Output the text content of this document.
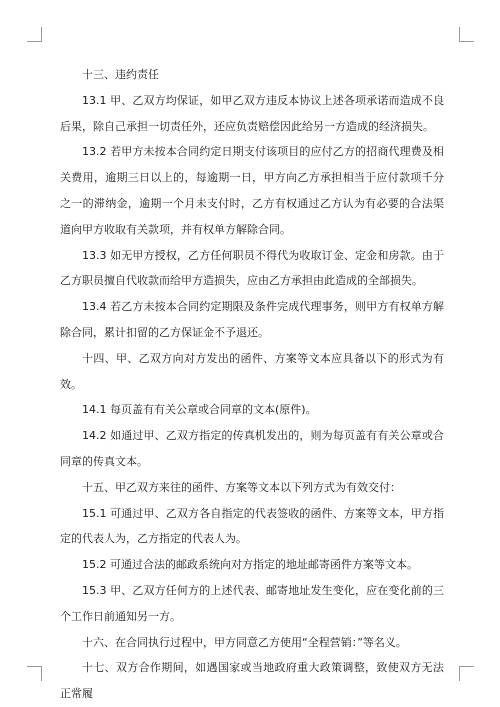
十三、违约责任

13.1 甲、乙双方均保证，如甲乙双方违反本协议上述各项承诺而造成不良后果，除自己承担一切责任外，还应负责赔偿因此给另一方造成的经济损失。

13.2 若甲方未按本合同约定日期支付该项目的应付乙方的招商代理费及相关费用，逾期三日以上的，每逾期一日，甲方向乙方承担相当于应付款项千分之一的滞纳金，逾期一个月未支付时，乙方有权通过乙方认为有必要的合法渠道向甲方收取有关款项，并有权单方解除合同。

13.3 如无甲方授权，乙方任何职员不得代为收取订金、定金和房款。由于乙方职员擅自代收款而给甲方造损失，应由乙方承担由此造成的全部损失。

13.4 若乙方未按本合同约定期限及条件完成代理事务，则甲方有权单方解除合同，累计扣留的乙方保证金不予退还。

十四、甲、乙双方向对方发出的函件、方案等文本应具备以下的形式为有效。

14.1 每页盖有有关公章或合同章的文本(原件)。

14.2 如通过甲、乙双方指定的传真机发出的，则为每页盖有有关公章或合同章的传真文本。

十五、甲乙双方来往的函件、方案等文本以下列方式为有效交付：

15.1 可通过甲、乙双方各自指定的代表签收的函件、方案等文本，甲方指定的代表人为，乙方指定的代表人为。

15.2 可通过合法的邮政系统向对方指定的地址邮寄函件方案等文本。

15.3 甲、乙双方任何方的上述代表、邮寄地址发生变化，应在变化前的三个工作日前通知另一方。

十六、在合同执行过程中，甲方同意乙方使用“全程营销：”等名义。

十七、双方合作期间，如遇国家或当地政府重大政策调整，致使双方无法正常履
